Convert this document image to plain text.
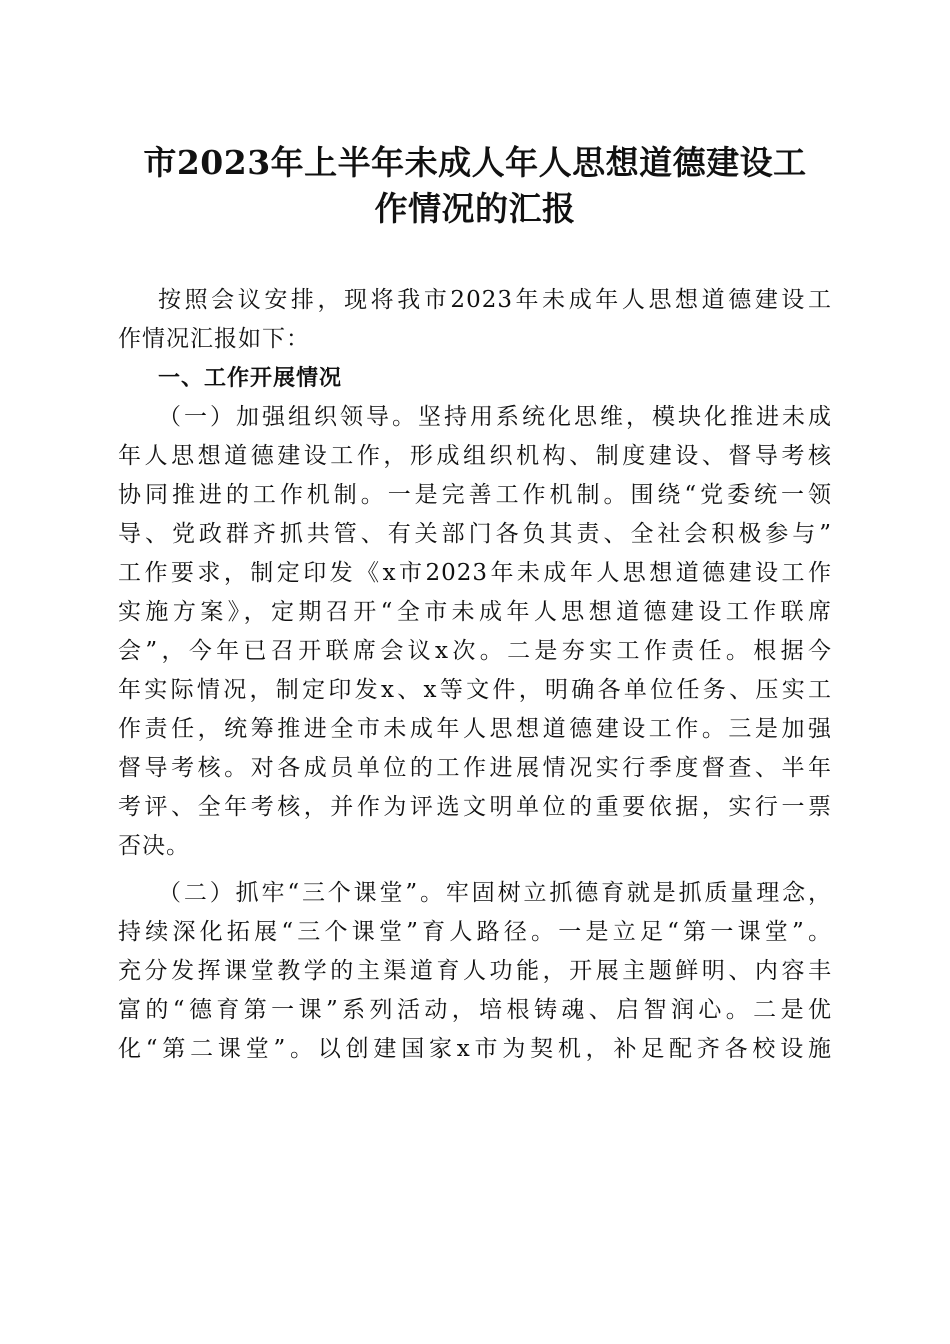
市2023年上半年未成人年人思想道德建设工
作情况的汇报
按照会议安排，现将我市2023年未成年人思想道德建设工
作情况汇报如下：
一、工作开展情况
（一）加强组织领导。坚持用系统化思维，模块化推进未成
年人思想道德建设工作，形成组织机构、制度建设、督导考核
协同推进的工作机制。一是完善工作机制。围绕“党委统一领
导、党政群齐抓共管、有关部门各负其责、全社会积极参与”
工作要求，制定印发《x市2023年未成年人思想道德建设工作
实施方案》，定期召开“全市未成年人思想道德建设工作联席
会”，今年已召开联席会议x次。二是夯实工作责任。根据今
年实际情况，制定印发x、x等文件，明确各单位任务、压实工
作责任，统筹推进全市未成年人思想道德建设工作。三是加强
督导考核。对各成员单位的工作进展情况实行季度督查、半年
考评、全年考核，并作为评选文明单位的重要依据，实行一票
否决。
（二）抓牢“三个课堂”。牢固树立抓德育就是抓质量理念，
持续深化拓展“三个课堂”育人路径。一是立足“第一课堂”。
充分发挥课堂教学的主渠道育人功能，开展主题鲜明、内容丰
富的“德育第一课”系列活动，培根铸魂、启智润心。二是优
化“第二课堂”。以创建国家x市为契机，补足配齐各校设施
